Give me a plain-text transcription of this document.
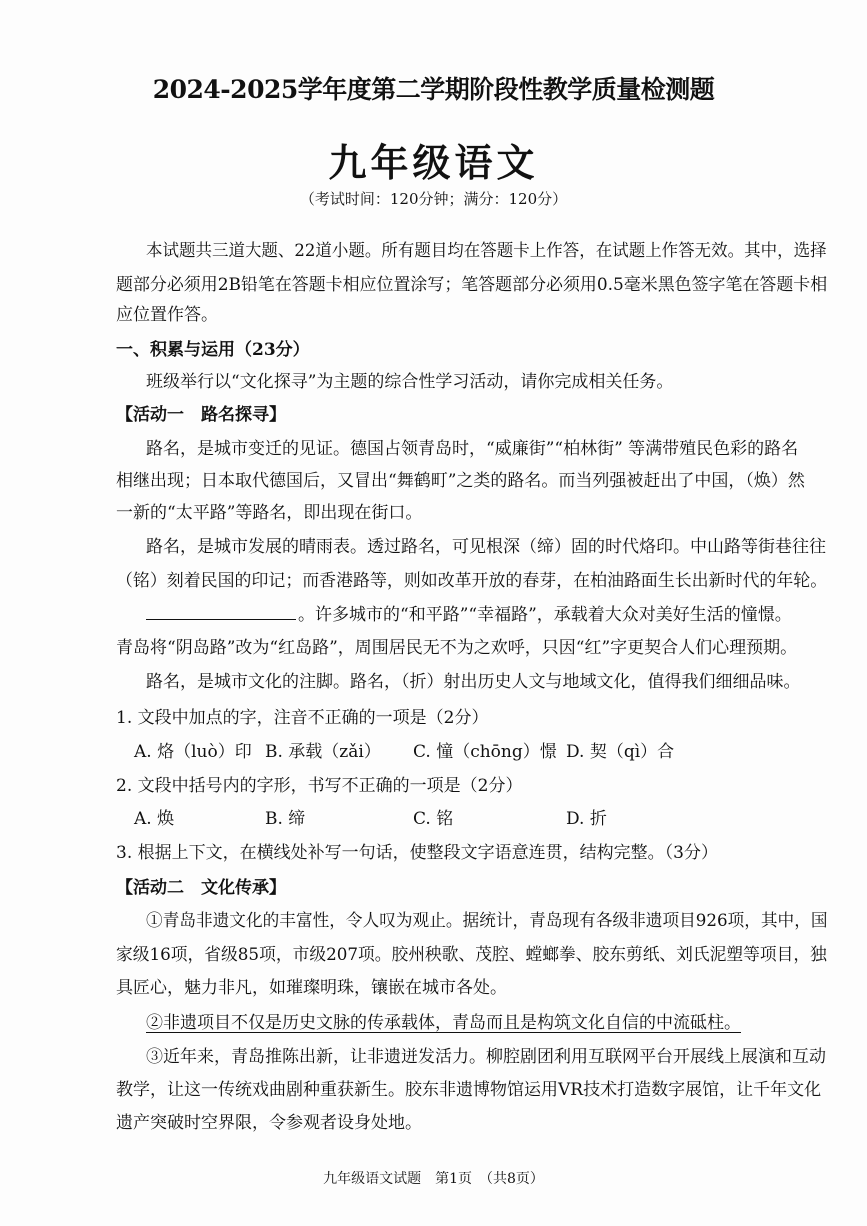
2024-2025学年度第二学期阶段性教学质量检测题
九年级语文
（考试时间：120分钟；满分：120分）
本试题共三道大题、22道小题。所有题目均在答题卡上作答，在试题上作答无效。其中，选择
题部分必须用2B铅笔在答题卡相应位置涂写；笔答题部分必须用0.5毫米黑色签字笔在答题卡相
应位置作答。
一、积累与运用（23分）
班级举行以“文化探寻”为主题的综合性学习活动，请你完成相关任务。
【活动一　路名探寻】
路名，是城市变迁的见证。德国占领青岛时，“威廉街”“柏林街” 等满带殖民色彩的路名
相继出现；日本取代德国后，又冒出“舞鹤町”之类的路名。而当列强被赶出了中国，（焕）然
一新的“太平路”等路名，即出现在街口。
路名，是城市发展的晴雨表。透过路名，可见根深（缔）固的时代烙印。中山路等街巷往往
（铭）刻着民国的印记；而香港路等，则如改革开放的春芽，在柏油路面生长出新时代的年轮。
。许多城市的“和平路”“幸福路”，承载着大众对美好生活的憧憬。
青岛将“阴岛路”改为“红岛路”，周围居民无不为之欢呼，只因“红”字更契合人们心理预期。
路名，是城市文化的注脚。路名，（折）射出历史人文与地域文化，值得我们细细品味。
1. 文段中加点的字，注音不正确的一项是（2分）
A. 烙（luò）印 B. 承载（zǎi） C. 憧（chōng）憬 D. 契（qì）合
2. 文段中括号内的字形，书写不正确的一项是（2分）
A. 焕	B. 缔	C. 铭	D. 折
3. 根据上下文，在横线处补写一句话，使整段文字语意连贯，结构完整。（3分）
【活动二　文化传承】
①青岛非遗文化的丰富性，令人叹为观止。据统计，青岛现有各级非遗项目926项，其中，国
家级16项，省级85项，市级207项。胶州秧歌、茂腔、螳螂拳、胶东剪纸、刘氏泥塑等项目，独
具匠心，魅力非凡，如璀璨明珠，镶嵌在城市各处。
②非遗项目不仅是历史文脉的传承载体，青岛而且是构筑文化自信的中流砥柱。
③近年来，青岛推陈出新，让非遗迸发活力。柳腔剧团利用互联网平台开展线上展演和互动
教学，让这一传统戏曲剧种重获新生。胶东非遗博物馆运用VR技术打造数字展馆，让千年文化
遗产突破时空界限，令参观者设身处地。
九年级语文试题　第1页　（共8页）
